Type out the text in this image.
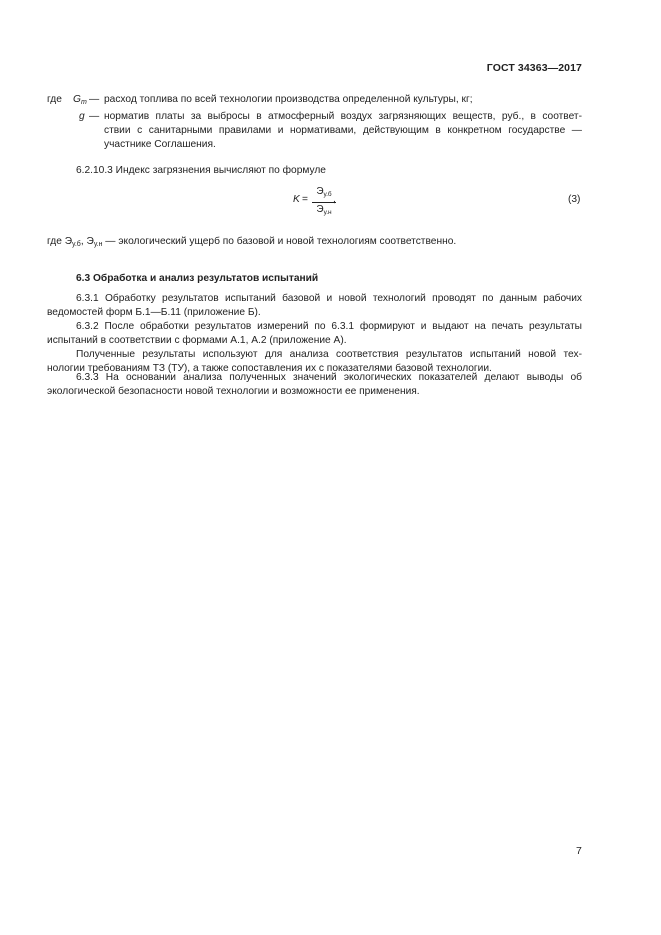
ГОСТ 34363—2017
где $G_т$ — расход топлива по всей технологии производства определенной культуры, кг;
g — норматив платы за выбросы в атмосферный воздух загрязняющих веществ, руб., в соответ-
ствии с санитарными правилами и нормативами, действующим в конкретном государстве —
участнике Соглашения.
6.2.10.3 Индекс загрязнения вычисляют по формуле
K =
$Э_{у.б}$
$Э_{у.н}$
,	(3)
где $Э_{у.б}$, $Э_{у.н}$ — экологический ущерб по базовой и новой технологиям соответственно.
6.3 Обработка и анализ результатов испытаний
6.3.1 Обработку результатов испытаний базовой и новой технологий проводят по данным рабочих
ведомостей форм Б.1—Б.11 (приложение Б).
6.3.2 После обработки результатов измерений по 6.3.1 формируют и выдают на печать результаты
испытаний в соответствии с формами А.1, А.2 (приложение А).
Полученные результаты используют для анализа соответствия результатов испытаний новой тех-
нологии требованиям ТЗ (ТУ), а также сопоставления их с показателями базовой технологии.
6.3.3 На основании анализа полученных значений экологических показателей делают выводы об
экологической безопасности новой технологии и возможности ее применения.
7
